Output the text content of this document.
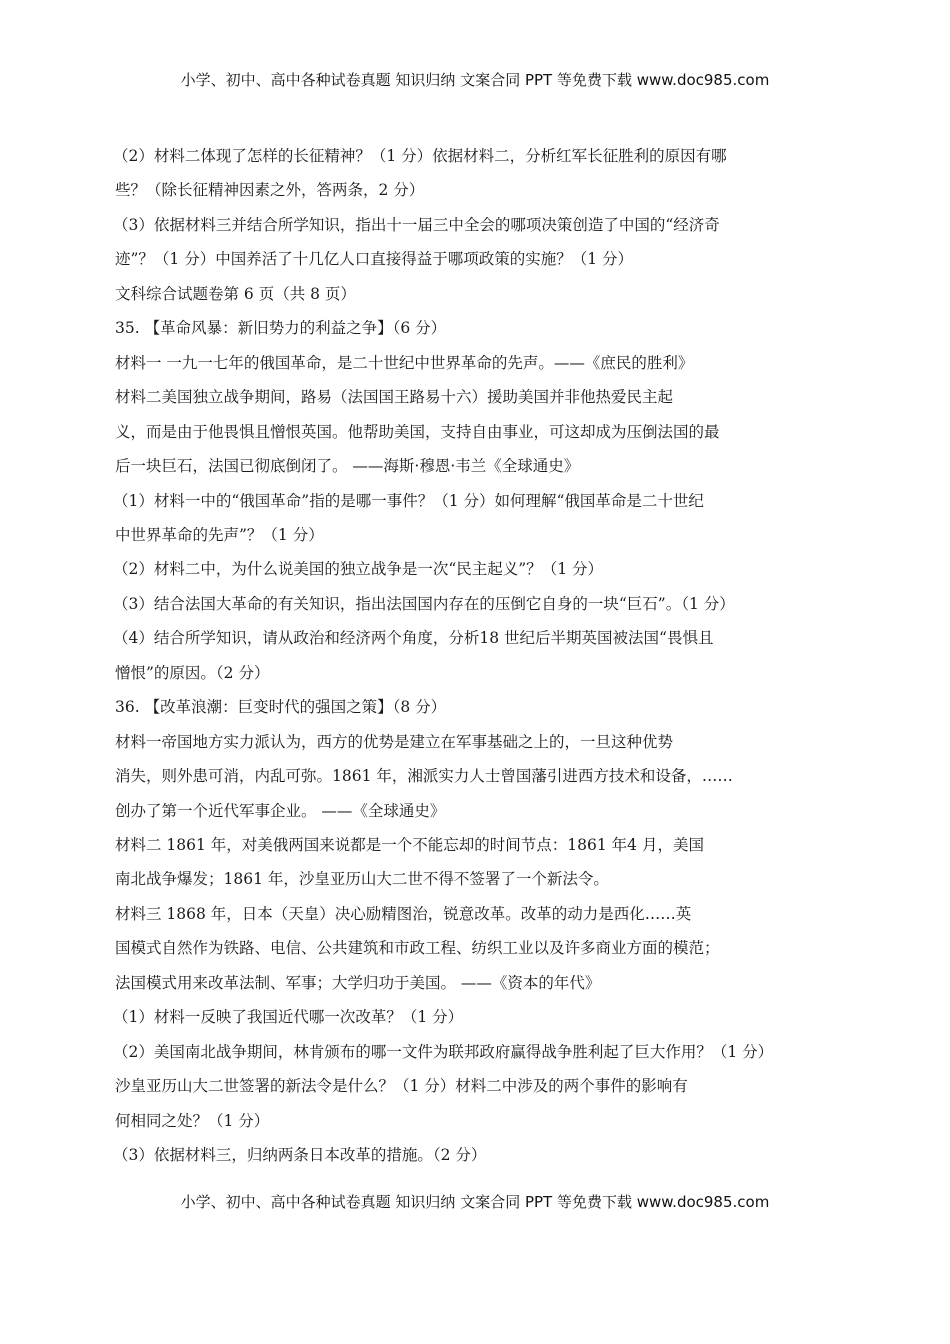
小学、初中、高中各种试卷真题 知识归纳 文案合同 PPT 等免费下载 www.doc985.com
（2）材料二体现了怎样的长征精神？（1 分）依据材料二，分析红军长征胜利的原因有哪
些？（除长征精神因素之外，答两条，2 分）
（3）依据材料三并结合所学知识，指出十一届三中全会的哪项决策创造了中国的“经济奇
迹”？（1 分）中国养活了十几亿人口直接得益于哪项政策的实施？（1 分）
文科综合试题卷第 6 页（共 8 页）
35. 【革命风暴：新旧势力的利益之争】（6 分）
材料一 一九一七年的俄国革命，是二十世纪中世界革命的先声。——《庶民的胜利》
材料二美国独立战争期间，路易（法国国王路易十六）援助美国并非他热爱民主起
义，而是由于他畏惧且憎恨英国。他帮助美国，支持自由事业，可这却成为压倒法国的最
后一块巨石，法国已彻底倒闭了。 ——海斯·穆恩·韦兰《全球通史》
（1）材料一中的“俄国革命”指的是哪一事件？（1 分）如何理解“俄国革命是二十世纪
中世界革命的先声”？（1 分）
（2）材料二中，为什么说美国的独立战争是一次“民主起义”？（1 分）
（3）结合法国大革命的有关知识，指出法国国内存在的压倒它自身的一块“巨石”。（1 分）
（4）结合所学知识，请从政治和经济两个角度，分析18 世纪后半期英国被法国“畏惧且
憎恨”的原因。（2 分）
36. 【改革浪潮：巨变时代的强国之策】（8 分）
材料一帝国地方实力派认为，西方的优势是建立在军事基础之上的，一旦这种优势
消失，则外患可消，内乱可弥。1861 年，湘派实力人士曾国藩引进西方技术和设备，……
创办了第一个近代军事企业。 ——《全球通史》
材料二 1861 年，对美俄两国来说都是一个不能忘却的时间节点：1861 年4 月，美国
南北战争爆发；1861 年，沙皇亚历山大二世不得不签署了一个新法令。
材料三 1868 年，日本（天皇）决心励精图治，锐意改革。改革的动力是西化……英
国模式自然作为铁路、电信、公共建筑和市政工程、纺织工业以及许多商业方面的模范；
法国模式用来改革法制、军事；大学归功于美国。 ——《资本的年代》
（1）材料一反映了我国近代哪一次改革？（1 分）
（2）美国南北战争期间，林肯颁布的哪一文件为联邦政府赢得战争胜利起了巨大作用？（1 分）
沙皇亚历山大二世签署的新法令是什么？（1 分）材料二中涉及的两个事件的影响有
何相同之处？（1 分）
（3）依据材料三，归纳两条日本改革的措施。（2 分）
小学、初中、高中各种试卷真题 知识归纳 文案合同 PPT 等免费下载 www.doc985.com
